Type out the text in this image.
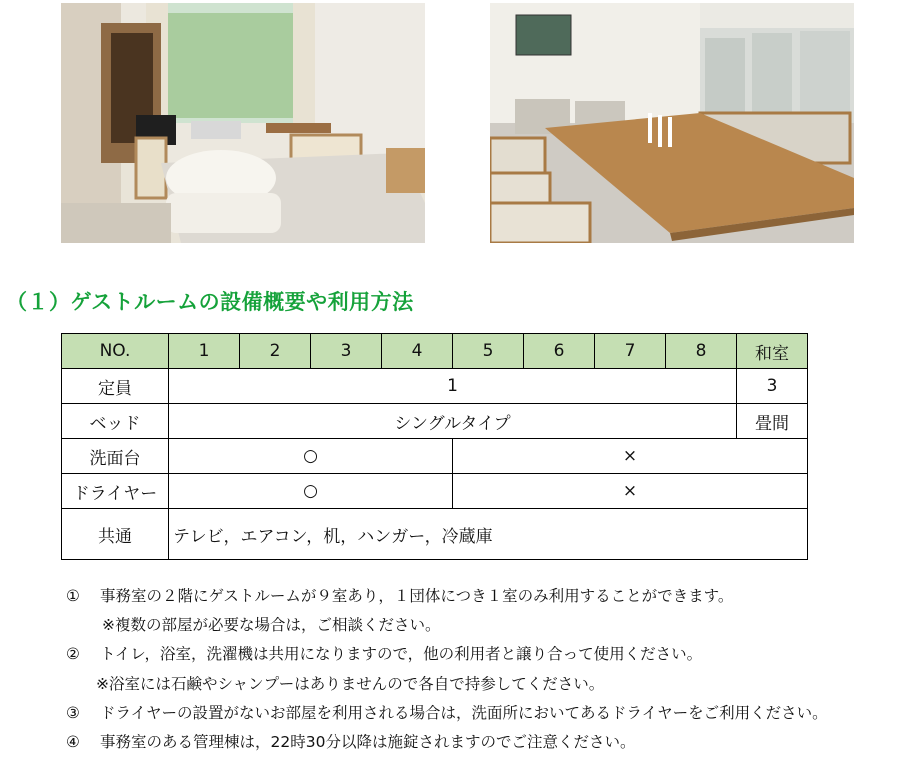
（１）ゲストルームの設備概要や利用方法
NO.	1	2	3	4	5	6	7	8	和室
定員	1								3
ベッド	シングルタイプ								畳間
洗面台	○				×				
ドライヤー	○				×				
共通	テレビ，エアコン，机，ハンガー，冷蔵庫								
① 事務室の２階にゲストルームが９室あり，１団体につき１室のみ利用することができます。
※複数の部屋が必要な場合は，ご相談ください。
② トイレ，浴室，洗濯機は共用になりますので，他の利用者と譲り合って使用ください。
※浴室には石鹸やシャンプーはありませんので各自で持参してください。
③ ドライヤーの設置がないお部屋を利用される場合は，洗面所においてあるドライヤーをご利用ください。
④ 事務室のある管理棟は，22時30分以降は施錠されますのでご注意ください。
